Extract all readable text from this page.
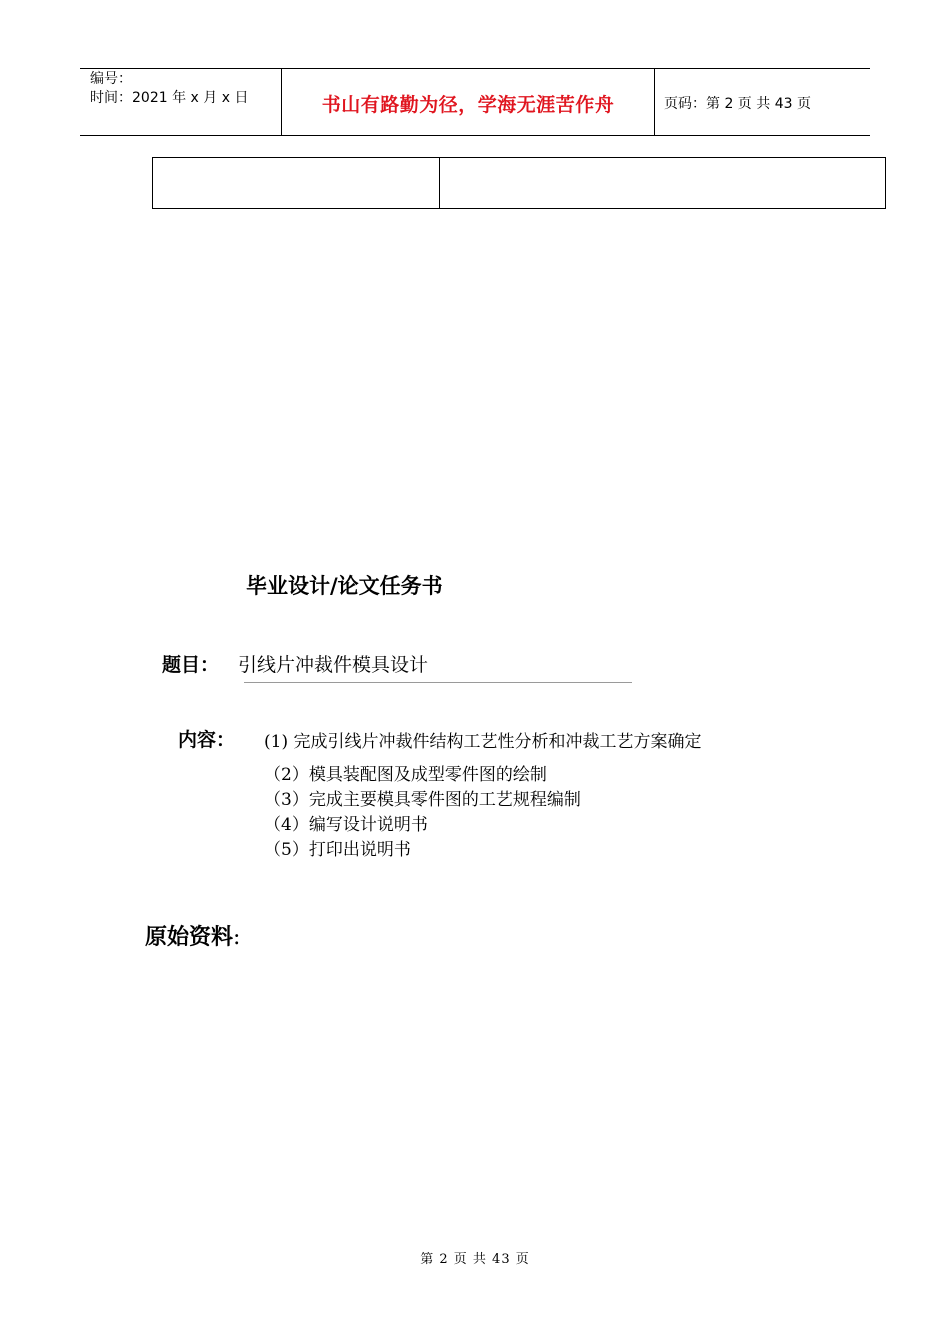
编号：
时间：2021 年 x 月 x 日	书山有路勤为径，学海无涯苦作舟	页码：第 2 页 共 43 页
毕业设计/论文任务书
题目： 引线片冲裁件模具设计
内容： (1) 完成引线片冲裁件结构工艺性分析和冲裁工艺方案确定
（2）模具装配图及成型零件图的绘制
（3）完成主要模具零件图的工艺规程编制
（4）编写设计说明书
（5）打印出说明书
原始资料:
第 2 页 共 43 页
